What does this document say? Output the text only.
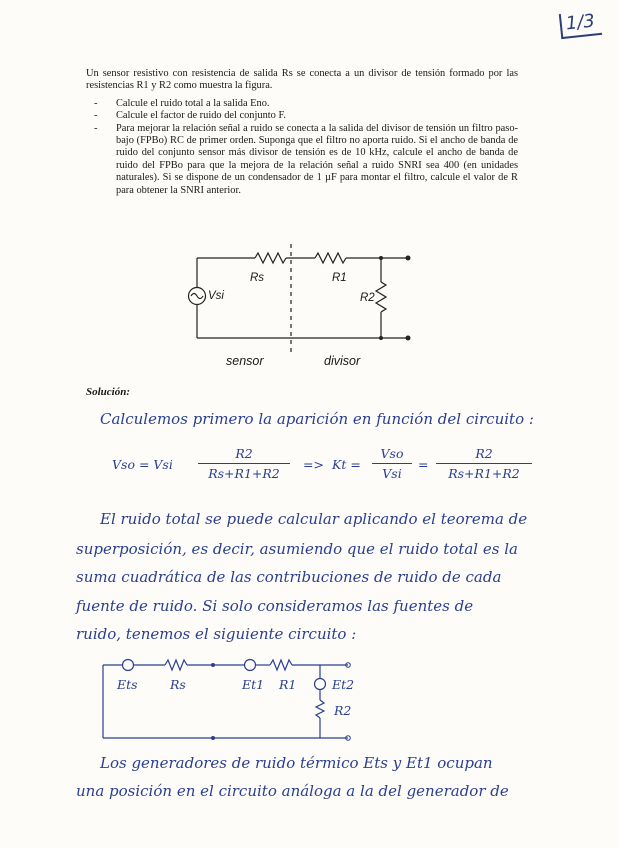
1/3

Un sensor resistivo con resistencia de salida Rs se conecta a un divisor de tensión formado por las resistencias R1 y R2 como muestra la figura.

- Calcule el ruido total a la salida Eno.
- Calcule el factor de ruido del conjunto F.
- Para mejorar la relación señal a ruido se conecta a la salida del divisor de tensión un filtro paso-bajo (FPBo) RC de primer orden. Suponga que el filtro no aporta ruido. Si el ancho de banda de ruido del conjunto sensor más divisor de tensión es de 10 kHz, calcule el ancho de banda de ruido del FPBo para que la mejora de la relación señal a ruido SNRI sea 400 (en unidades naturales). Si se dispone de un condensador de 1 µF para montar el filtro, calcule el valor de R para obtener la SNRI anterior.
Rs	R1
R2
Vsi
sensor	divisor
Solución:
Calculemos primero la aparición en función del circuito :
Vso = Vsi $\frac{R2}{Rs+R1+R2} => Kt$ =
Vso
Vsi
= $\frac{R2}{Rs+R1+R2}$
El ruido total se puede calcular aplicando el teorema de
superposición, es decir, asumiendo que el ruido total es la
suma cuadrática de las contribuciones de ruido de cada
fuente de ruido. Si solo consideramos las fuentes de
ruido, tenemos el siguiente circuito :
Ets	Rs	Et1 R1	Et2
R2
Los generadores de ruido térmico Ets y Et1 ocupan
una posición en el circuito análoga a la del generador de
